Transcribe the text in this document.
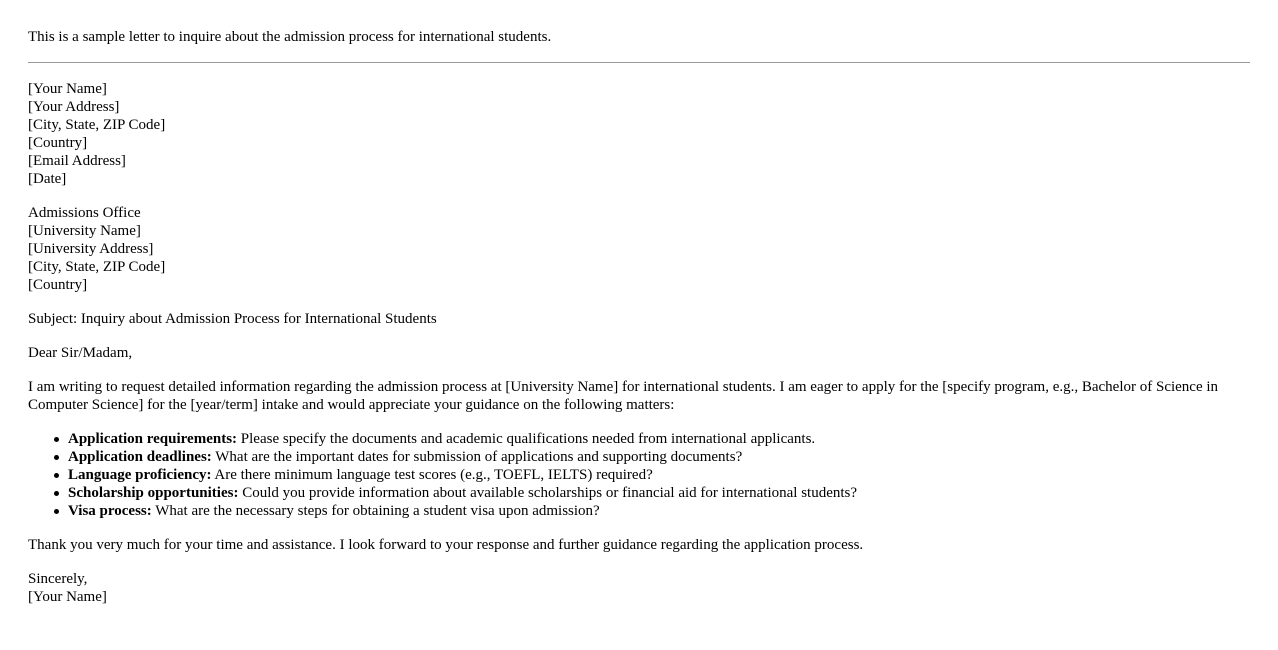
This is a sample letter to inquire about the admission process for international students.

[Your Name]
[Your Address]
[City, State, ZIP Code]
[Country]
[Email Address]
[Date]
Admissions Office
[University Name]
[University Address]
[City, State, ZIP Code]
[Country]

Subject: Inquiry about Admission Process for International Students

Dear Sir/Madam,

I am writing to request detailed information regarding the admission process at [University Name] for international students. I am eager to apply for the [specify program, e.g., Bachelor of Science in Computer Science] for the [year/term] intake and would appreciate your guidance on the following matters:

Application requirements: Please specify the documents and academic qualifications needed from international applicants.
Application deadlines: What are the important dates for submission of applications and supporting documents?
Language proficiency: Are there minimum language test scores (e.g., TOEFL, IELTS) required?
Scholarship opportunities: Could you provide information about available scholarships or financial aid for international students?
Visa process: What are the necessary steps for obtaining a student visa upon admission?

Thank you very much for your time and assistance. I look forward to your response and further guidance regarding the application process.

Sincerely,
[Your Name]
